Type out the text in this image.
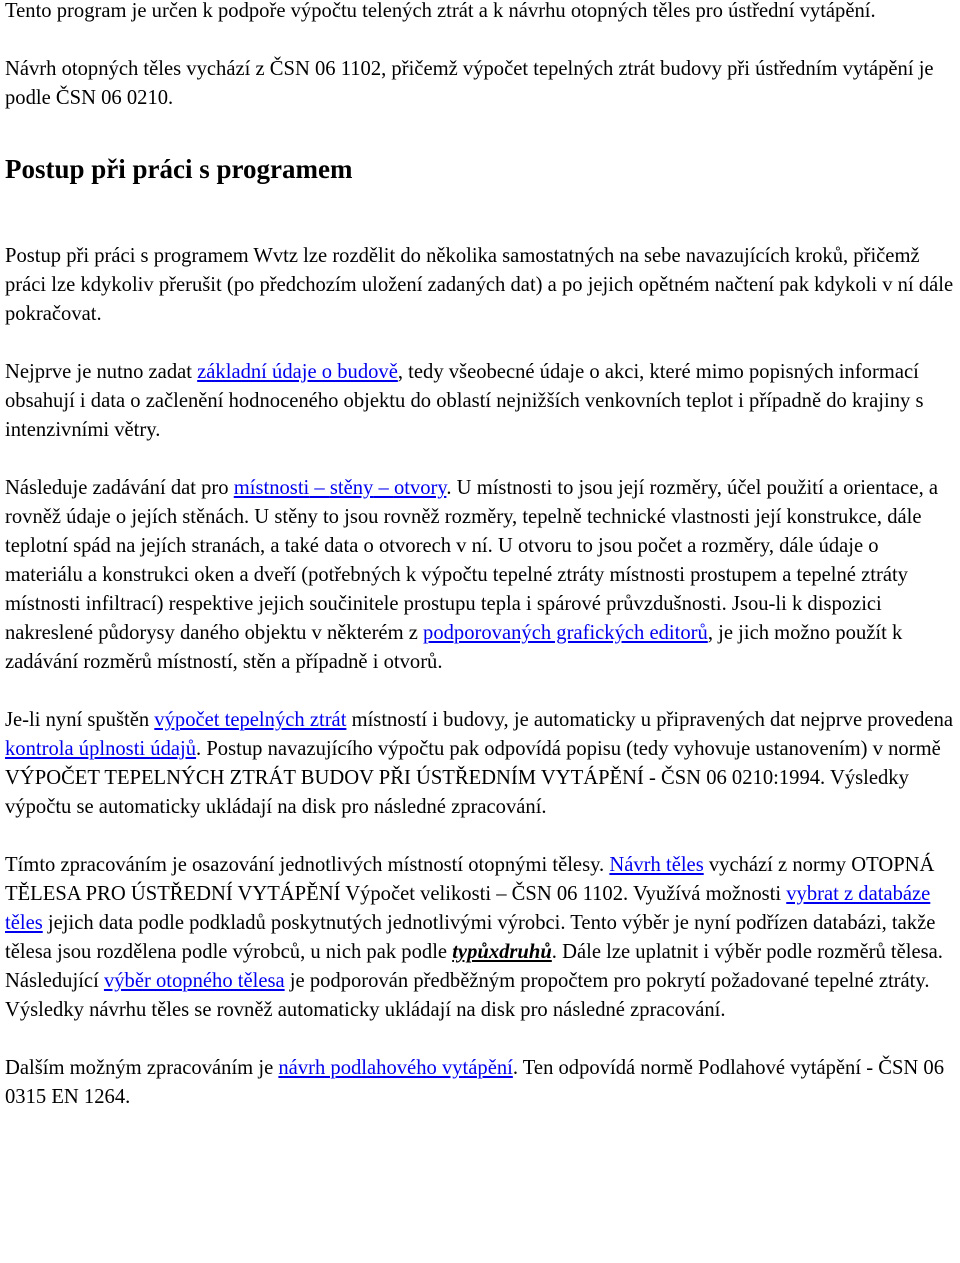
Tento program je určen k podpoře výpočtu telených ztrát a k návrhu otopných těles pro ústřední vytápění.

Návrh otopných těles vychází z ČSN 06 1102, přičemž výpočet tepelných ztrát budovy při ústředním vytápění je podle ČSN 06 0210.

Postup při práci s programem

Postup při práci s programem Wvtz lze rozdělit do několika samostatných na sebe navazujících kroků, přičemž práci lze kdykoliv přerušit (po předchozím uložení zadaných dat) a po jejich opětném načtení pak kdykoli v ní dále pokračovat.

Nejprve je nutno zadat základní údaje o budově, tedy všeobecné údaje o akci, které mimo popisných informací obsahují i data o začlenění hodnoceného objektu do oblastí nejnižších venkovních teplot i případně do krajiny s intenzivními větry.

Následuje zadávání dat pro místnosti – stěny – otvory. U místnosti to jsou její rozměry, účel použití a orientace, a rovněž údaje o jejích stěnách. U stěny to jsou rovněž rozměry, tepelně technické vlastnosti její konstrukce, dále teplotní spád na jejích stranách, a také data o otvorech v ní. U otvoru to jsou počet a rozměry, dále údaje o materiálu a konstrukci oken a dveří (potřebných k výpočtu tepelné ztráty místnosti prostupem a tepelné ztráty místnosti infiltrací) respektive jejich součinitele prostupu tepla i spárové průvzdušnosti. Jsou-li k dispozici nakreslené půdorysy daného objektu v některém z podporovaných grafických editorů, je jich možno použít k zadávání rozměrů místností, stěn a případně i otvorů.

Je-li nyní spuštěn výpočet tepelných ztrát místností i budovy, je automaticky u připravených dat nejprve provedena kontrola úplnosti údajů. Postup navazujícího výpočtu pak odpovídá popisu (tedy vyhovuje ustanovením) v normě VÝPOČET TEPELNÝCH ZTRÁT BUDOV PŘI ÚSTŘEDNÍM VYTÁPĚNÍ - ČSN 06 0210:1994. Výsledky výpočtu se automaticky ukládají na disk pro následné zpracování.

Tímto zpracováním je osazování jednotlivých místností otopnými tělesy. Návrh těles vychází z normy OTOPNÁ TĚLESA PRO ÚSTŘEDNÍ VYTÁPĚNÍ Výpočet velikosti – ČSN 06 1102. Využívá možnosti vybrat z databáze těles jejich data podle podkladů poskytnutých jednotlivými výrobci. Tento výběr je nyní podřízen databázi, takže tělesa jsou rozdělena podle výrobců, u nich pak podle typůxdruhů. Dále lze uplatnit i výběr podle rozměrů tělesa. Následující výběr otopného tělesa je podporován předběžným propočtem pro pokrytí požadované tepelné ztráty. Výsledky návrhu těles se rovněž automaticky ukládají na disk pro následné zpracování.

Dalším možným zpracováním je návrh podlahového vytápění. Ten odpovídá normě Podlahové vytápění - ČSN 06 0315 EN 1264.
